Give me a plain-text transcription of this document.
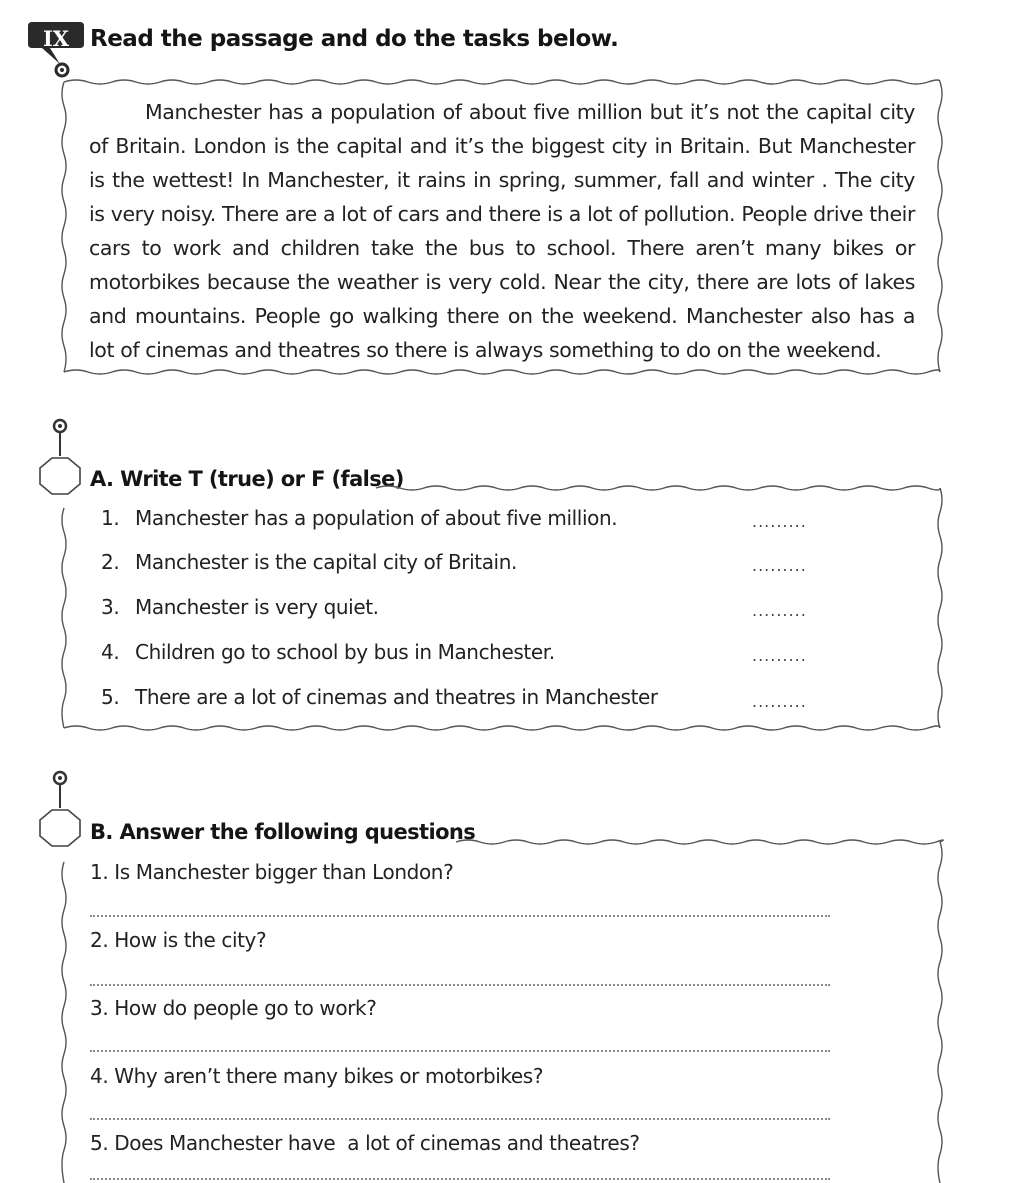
IX Read the passage and do the tasks below.
Manchester has a population of about five million but it’s not the capital city of Britain. London is the capital and it’s the biggest city in Britain. But Manchester is the wettest! In Manchester, it rains in spring, summer, fall and winter . The city is very noisy. There are a lot of cars and there is a lot of pollution. People drive their cars to work and children take the bus to school. There aren’t many bikes or motorbikes because the weather is very cold. Near the city, there are lots of lakes and mountains. People go walking there on the weekend. Manchester also has a lot of cinemas and theatres so there is always something to do on the weekend.
A. Write T (true) or F (false)
1. Manchester has a population of about five million.	.........
2. Manchester is the capital city of Britain.	.........
3. Manchester is very quiet.	.........
4. Children go to school by bus in Manchester.	.........
5. There are a lot of cinemas and theatres in Manchester	.........
B. Answer the following questions
1. Is Manchester bigger than London?
2. How is the city?
3. How do people go to work?
4. Why aren’t there many bikes or motorbikes?
5. Does Manchester have  a lot of cinemas and theatres?
